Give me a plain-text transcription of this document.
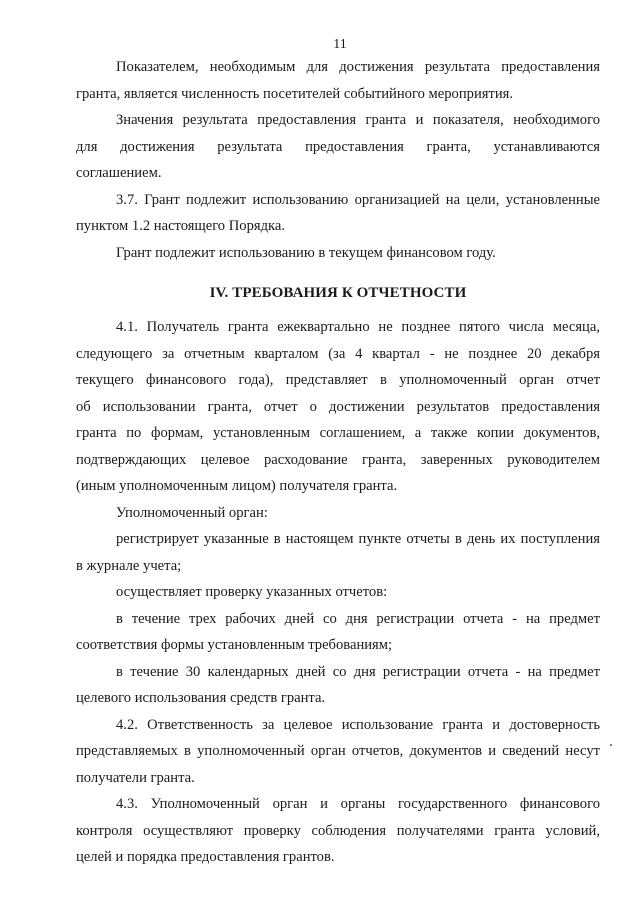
11
Показателем, необходимым для достижения результата предоставления
гранта, является численность посетителей событийного мероприятия.
Значения результата предоставления гранта и показателя, необходимого
для достижения результата предоставления гранта, устанавливаются
соглашением.
3.7. Грант подлежит использованию организацией на цели, установленные
пунктом 1.2 настоящего Порядка.
Грант подлежит использованию в текущем финансовом году.
IV. ТРЕБОВАНИЯ К ОТЧЕТНОСТИ
4.1. Получатель гранта ежеквартально не позднее пятого числа месяца,
следующего за отчетным кварталом (за 4 квартал - не позднее 20 декабря
текущего финансового года), представляет в уполномоченный орган отчет
об использовании гранта, отчет о достижении результатов предоставления
гранта по формам, установленным соглашением, а также копии документов,
подтверждающих целевое расходование гранта, заверенных руководителем
(иным уполномоченным лицом) получателя гранта.
Уполномоченный орган:
регистрирует указанные в настоящем пункте отчеты в день их поступления
в журнале учета;
осуществляет проверку указанных отчетов:
в течение трех рабочих дней со дня регистрации отчета - на предмет
соответствия формы установленным требованиям;
в течение 30 календарных дней со дня регистрации отчета - на предмет
целевого использования средств гранта.
4.2. Ответственность за целевое использование гранта и достоверность
представляемых в уполномоченный орган отчетов, документов и сведений несут
получатели гранта.
4.3. Уполномоченный орган и органы государственного финансового
контроля осуществляют проверку соблюдения получателями гранта условий,
целей и порядка предоставления грантов.
